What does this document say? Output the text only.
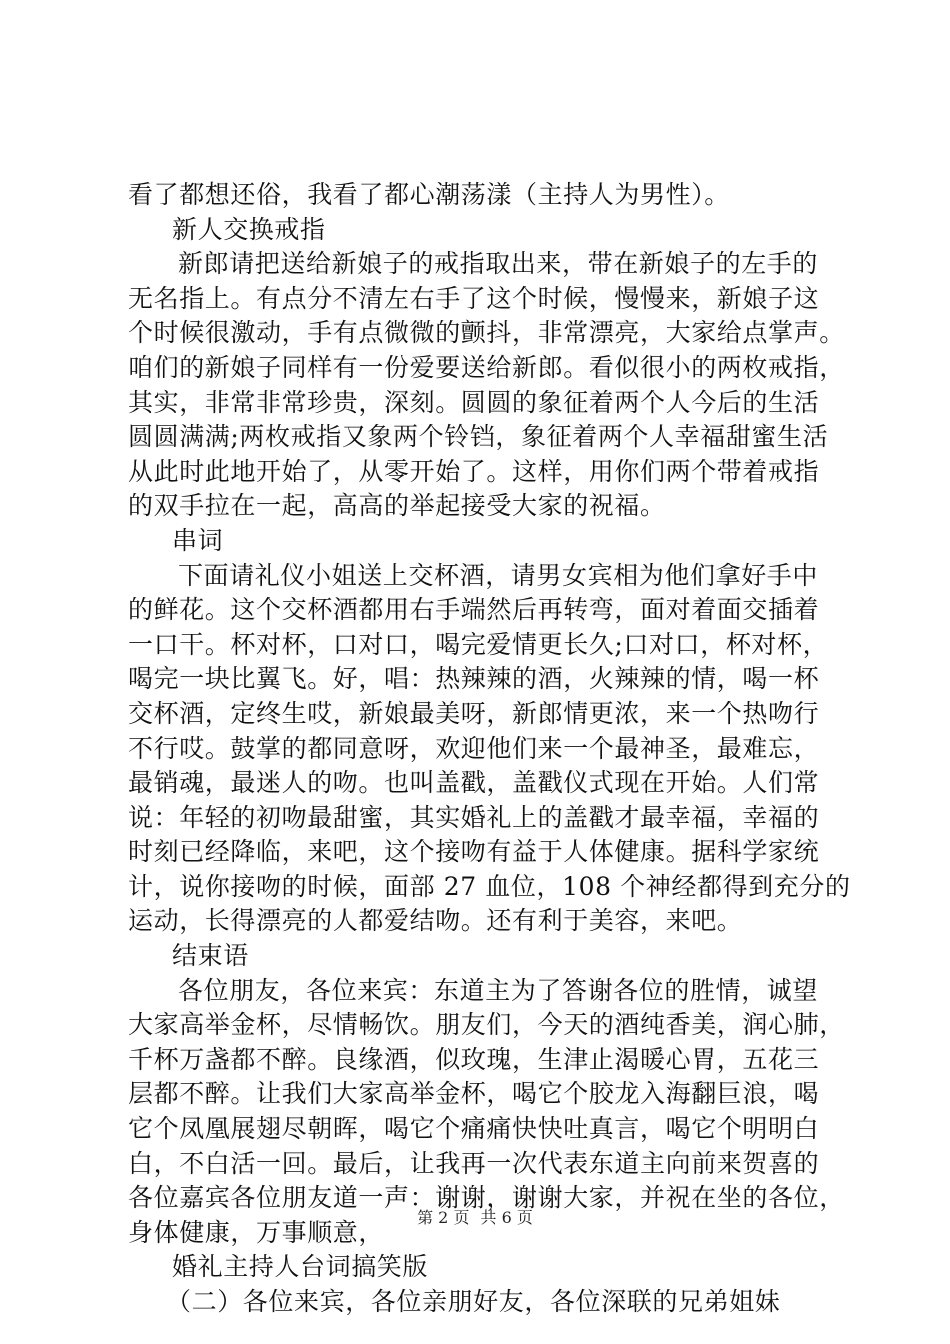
看了都想还俗，我看了都心潮荡漾（主持人为男性）。
新人交换戒指
新郎请把送给新娘子的戒指取出来，带在新娘子的左手的
无名指上。有点分不清左右手了这个时候，慢慢来，新娘子这
个时候很激动，手有点微微的颤抖，非常漂亮，大家给点掌声。
咱们的新娘子同样有一份爱要送给新郎。看似很小的两枚戒指，
其实，非常非常珍贵，深刻。圆圆的象征着两个人今后的生活
圆圆满满;两枚戒指又象两个铃铛，象征着两个人幸福甜蜜生活
从此时此地开始了，从零开始了。这样，用你们两个带着戒指
的双手拉在一起，高高的举起接受大家的祝福。
串词
下面请礼仪小姐送上交杯酒，请男女宾相为他们拿好手中
的鲜花。这个交杯酒都用右手端然后再转弯，面对着面交插着
一口干。杯对杯，口对口，喝完爱情更长久;口对口，杯对杯，
喝完一块比翼飞。好，唱：热辣辣的酒，火辣辣的情，喝一杯
交杯酒，定终生哎，新娘最美呀，新郎情更浓，来一个热吻行
不行哎。鼓掌的都同意呀，欢迎他们来一个最神圣，最难忘，
最销魂，最迷人的吻。也叫盖戳，盖戳仪式现在开始。人们常
说：年轻的初吻最甜蜜，其实婚礼上的盖戳才最幸福，幸福的
时刻已经降临，来吧，这个接吻有益于人体健康。据科学家统
计，说你接吻的时候，面部 27 血位，108 个神经都得到充分的
运动，长得漂亮的人都爱结吻。还有利于美容，来吧。
结束语
各位朋友，各位来宾：东道主为了答谢各位的胜情，诚望
大家高举金杯，尽情畅饮。朋友们，今天的酒纯香美，润心肺，
千杯万盏都不醉。良缘酒，似玫瑰，生津止渴暖心胃，五花三
层都不醉。让我们大家高举金杯，喝它个胶龙入海翻巨浪，喝
它个凤凰展翅尽朝晖，喝它个痛痛快快吐真言，喝它个明明白
白，不白活一回。最后，让我再一次代表东道主向前来贺喜的
各位嘉宾各位朋友道一声：谢谢，谢谢大家，并祝在坐的各位，
身体健康，万事顺意，
婚礼主持人台词搞笑版
（二）各位来宾，各位亲朋好友，各位深联的兄弟姐妹
第 2 页 共 6 页
